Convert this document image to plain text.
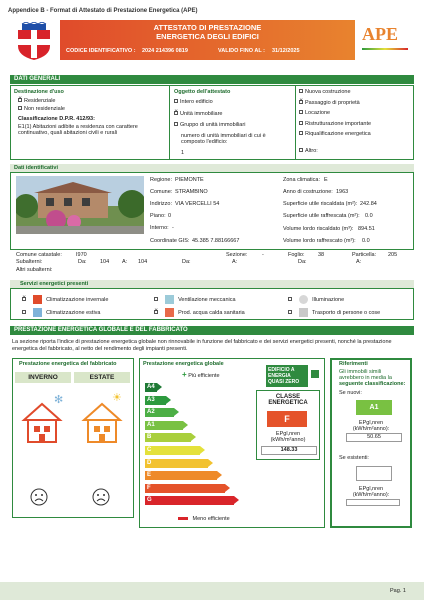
Appendice B - Format di Attestato di Prestazione Energetica (APE)
ATTESTATO DI PRESTAZIONE
ENERGETICA DEGLI EDIFICI
CODICE IDENTIFICATIVO : 2024 214396 0819	VALIDO FINO AL : 31/12/2025
APE
DATI GENERALI
Destinazione d'uso
×Residenziale
Non residenziale
Classificazione D.P.R. 412/93:
E1(1) Abitazioni adibite a residenza con carattere
continuativo, quali abitazioni civili e rurali
Oggetto dell'attestato
Intero edificio
×Unità immobiliare
Gruppo di unità immobiliari
numero di unità immobiliari di cui è
composto l'edificio:
1
Nuova costruzione
×Passaggio di proprietà
Locazione
Ristrutturazione importante
Riqualificazione energetica
Altro:
Dati identificativi
Regione: PIEMONTE
Comune: STRAMBINO
Indirizzo: VIA VERCELLI 54
Piano: 0
Interno: -
Coordinate GIS: 45.385 7.88166667
Zona climatica: E
Anno di costruzione: 1963
Superficie utile riscaldata (m²): 242.84
Superficie utile raffrescata (m²): 0.0
Volume lordo riscaldato (m³): 894.51
Volume lordo raffrescato (m³): 0.0
Comune catastale:	I970	Sezione:	-	Foglio: 38	Particella: 205
Subalterni:	Da: 104 A: 104	Da:	A:	Da:	A:
Altri subalterni:
Servizi energetici presenti
×  Climatizzazione invernale
Climatizzazione estiva
Ventilazione meccanica
×  Prod. acqua calda sanitaria
Illuminazione
Trasporto di persone o cose
PRESTAZIONE ENERGETICA GLOBALE E DEL FABBRICATO
La sezione riporta l'indice di prestazione energetica globale non rinnovabile in funzione del fabbricato e dei servizi energetici presenti, nonché la prestazione
energetica del fabbricato, al netto del rendimento degli impianti presenti.
Prestazione energetica del fabbricato
INVERNO	ESTATE
✻	☀
Prestazione energetica globale
+ Più efficiente
A4
A3
A2
A1
B
C
D
E
F
G
Meno efficiente
EDIFICIO A
ENERGIA
QUASI ZERO
CLASSE
ENERGETICA
F
EPgl,nren
(kWh/m²anno)
148.33
Riferimenti
Gli immobili simili
avrebbero in media la
seguente classificazione:
Se nuovi:
A1
EPgl,nren
(kWh/m²anno):
50.65
Se esistenti:
EPgl,nren
(kWh/m²anno):
Pag. 1
